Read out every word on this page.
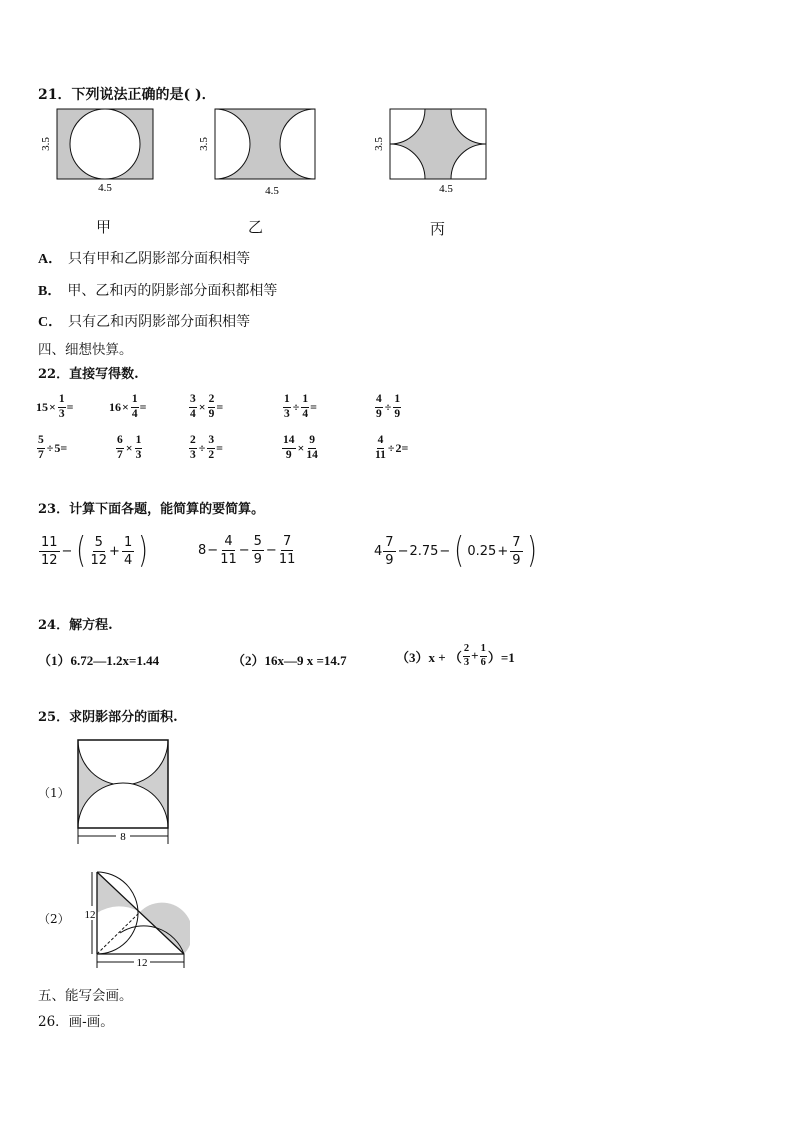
21．下列说法正确的是( )．
3.5
4.5
3.5
4.5
3.5
4.5
甲	乙	丙
A． 只有甲和乙阴影部分面积相等
B． 甲、乙和丙的阴影部分面积都相等
C． 只有乙和丙阴影部分面积相等
四、细想快算。
22．直接写得数.
$15 \times \frac{1}{3}$ =	$16 \times \frac{1}{4}$ =	$\frac{3}{4} \times \frac{2}{9}$ =	$\frac{1}{3} \div \frac{1}{4}$ =	$\frac{4}{9} \div \frac{1}{9}$
$\frac{5}{7} \div 5$ =	$\frac{6}{7} \times \frac{1}{3}$	$\frac{2}{3} \div \frac{3}{2}$ =	$\frac{14}{9} \times \frac{9}{14}$	$\frac{4}{11} \div 2$ =
23．计算下面各题，能简算的要简算。
$\frac{11}{12}$ − ( $\frac{5}{12} + \frac{1}{4}$ )	$8 - \frac{4}{11} - \frac{5}{9} - \frac{7}{11}$	$4 \frac{7}{9} - 2.75$ − ( $0.25 + \frac{7}{9}$ )
24．解方程.
（1）6.72—1.2x=1.44	（2）16x—9 x =14.7	（3）x + （ $\frac{2}{3} + \frac{1}{6} )=1$
25．求阴影部分的面积.
（1）
8
（2） 12
12
五、能写会画。
26．画-画。
